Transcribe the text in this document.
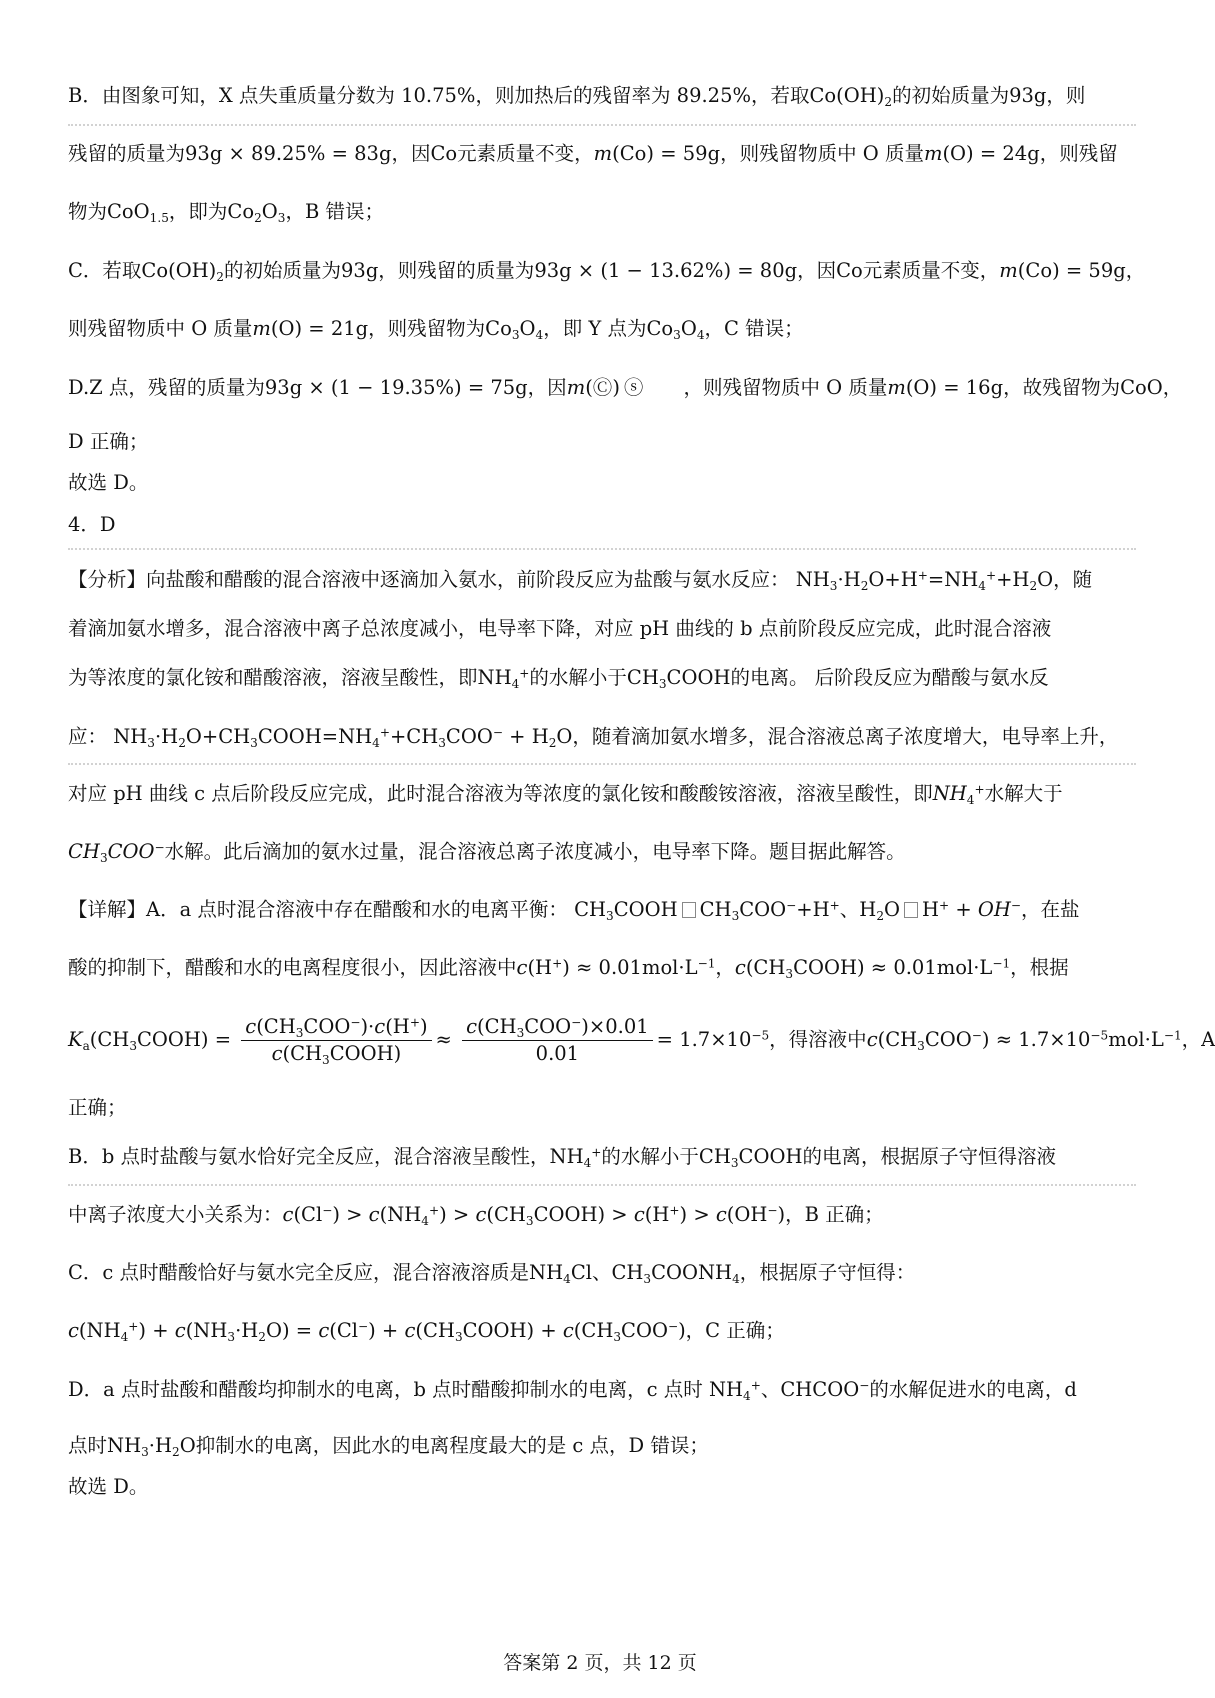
B．由图象可知，X 点失重质量分数为 10.75%，则加热后的残留率为 89.25%，若取$Co(OH)_2$的初始质量为93g，则
残留的质量为93g × 89.25% = 83g，因Co元素质量不变，m(Co) = 59g，则残留物质中 O 质量m(O) = 24g，则残留
物为CoO$_{1.5}$，即为$Co_2O_3$，B 错误；
C．若取$Co(OH)_2$的初始质量为93g，则残留的质量为93g × (1 − 13.62%) = 80g，因Co元素质量不变，m(Co) = 59g，
则残留物质中 O 质量m(O) = 21g，则残留物为$Co_3O_4$，即 Y 点为$Co_3O_4$，C 错误；
D.Z 点，残留的质量为93g × (1 − 19.35%) = 75g，因m(Ⓒ) ⓢ ，则残留物质中 O 质量m(O) = 16g，故残留物为CoO，
D 正确；
故选 D。
4．D
【分析】向盐酸和醋酸的混合溶液中逐滴加入氨水，前阶段反应为盐酸与氨水反应： $NH_3\cdot H_2O+H^+=NH_4^++H_2O$，随
着滴加氨水增多，混合溶液中离子总浓度减小，电导率下降，对应 pH 曲线的 b 点前阶段反应完成，此时混合溶液
为等浓度的氯化铵和醋酸溶液，溶液呈酸性，即$NH_4^+$的水解小于$CH_3COOH$的电离。 后阶段反应为醋酸与氨水反
应： $NH_3\cdot H_2O+CH_3COOH=NH_4^++CH_3COO^- + H_2O$，随着滴加氨水增多，混合溶液总离子浓度增大，电导率上升，
对应 pH 曲线 c 点后阶段反应完成，此时混合溶液为等浓度的氯化铵和酸酸铵溶液，溶液呈酸性，即$NH_4^+$水解大于
$CH_3COO^-$水解。此后滴加的氨水过量，混合溶液总离子浓度减小，电导率下降。题目据此解答。
【详解】A．a 点时混合溶液中存在醋酸和水的电离平衡： $CH_3COOH$ $CH_3COO^-+H^+$、$H_2O$ H+ + OH−，在盐
酸的抑制下，醋酸和水的电离程度很小，因此溶液中$c(H^+) \approx 0.01mol\cdot L^{-1}$，$c(CH_3COOH) \approx 0.01mol\cdot L^{-1}$，根据
$K_a(CH_3COOH) = \frac{c(CH_3COO^-)\cdot c(H^+)}{c(CH_3COOH)} \approx \frac{c(CH_3COO^-)\times 0.01}{0.01} = 1.7\times 10^{-5}$，得溶液中$c(CH_3COO^-) \approx 1.7\times 10^{-5}mol\cdot L^{-1}$，A
正确；
B．b 点时盐酸与氨水恰好完全反应，混合溶液呈酸性，$NH_4^+$的水解小于$CH_3COOH$的电离，根据原子守恒得溶液
中离子浓度大小关系为：$c(Cl^-) > c(NH_4^+)$ > $c(CH_3COOH) > c(H^+) > c(OH^-)$，B 正确；
C．c 点时醋酸恰好与氨水完全反应，混合溶液溶质是$NH_4Cl$、$CH_3COONH_4$，根据原子守恒得：
$c(NH_4^+) + c(NH_3\cdot H_2O) = c(Cl^-)$ + $c(CH_3COOH) + c(CH_3COO^-)$，C 正确；
D．a 点时盐酸和醋酸均抑制水的电离，b 点时醋酸抑制水的电离，c 点时 $NH_4^+$、CHCOO−的水解促进水的电离，d
点时$NH_3\cdot H_2O$抑制水的电离，因此水的电离程度最大的是 c 点，D 错误；
故选 D。
答案第 2 页，共 12 页
